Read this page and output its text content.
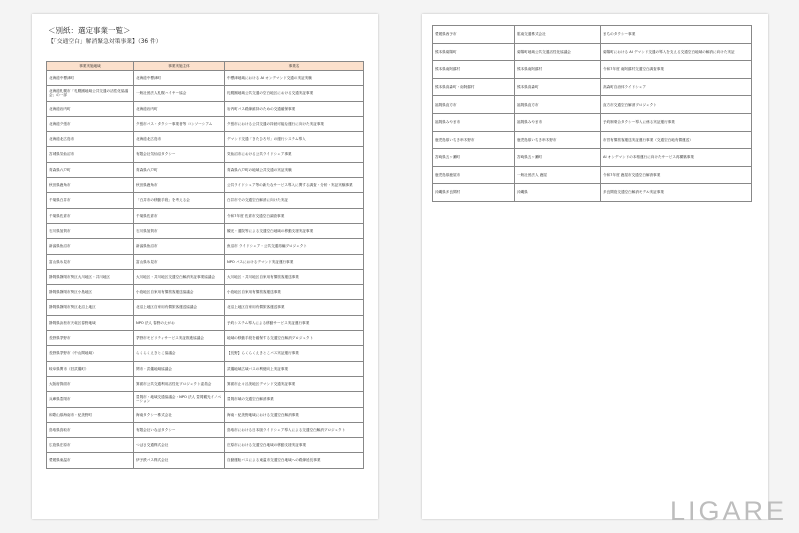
＜別紙：選定事業一覧＞
【「交通空白」解消緊急対策事業】（36 件）
事業実施地域	事業実施主体	事業名
北海道中標津町	北海道中標津町	中標津地域における AI オンデマンド交通の実証実験
北海道札幌市「札幌圏地域公共交通の活性化協議会」の一部	一般社団法人札幌ハイヤー協会	札幌圏地域公共交通の空白地区における交通実証事業
北海道岩内町	北海道岩内町	岩内町バス路線維持のための交通確保事業
北海道夕張市	夕張市バス・タクシー事業者等 コンソーシアム	夕張市における公共交通の持続可能な運行に向けた実証事業
北海道北広島市	北海道北広島市	デマンド交通「きたひろ号」の運行システム導入
宮城県気仙沼市	有限会社気仙沼タクシー	気仙沼市における公共ライドシェア事業
青森県六戸町	青森県六戸町	青森県六戸町の地域公共交通の実証実験
秋田県鹿角市	秋田県鹿角市	公共ライドシェア等の新たなサービス導入に関する調査・分析・実証実験事業
千葉県白井市	「白井市の移動手段」を考える会	白井市での交通空白解消に向けた実証
千葉県佐倉市	千葉県佐倉市	令和7年度 佐倉市交通空白調査事業
石川県加賀市	石川県加賀市	観光・通院等による交通空白地域の移動支援実証事業
新潟県魚沼市	新潟県魚沼市	魚沼市 ライドシェア・公共交通再編プロジェクト
富山県氷見市	富山県氷見市	NPO バスにおけるデマンド実証運行事業
静岡県静岡市葵区大川地区・井川地区	大川地区・井川地区交通空白解消実証事業協議会	大川地区・井川地区自家用有償旅客運送事業
静岡県静岡市葵区小島地区	小島地区自家用有償旅客運送協議会	小島地区自家用有償旅客運送事業
静岡県静岡市葵区北沼上地区	北沼上地区自家用有償旅客運送協議会	北沼上地区自家用有償旅客運送事業
静岡県浜松市天竜区春野地域	NPO 法人 春野のえがお	予約システム導入による移動サービス実証運行事業
長野県茅野市	茅野市モビリティサービス実証推進協議会	地域の移動手段を確保する交通空白解消プロジェクト
長野県茅野市（中山間地域）	らくらくえきとこ協議会	【長野】らくらくえきとこバス実証運行事業
岐阜県関市（旧武儀町）	関市・武儀地域協議会	武儀地域広域バスの利便向上実証事業
大阪府箕面市	箕面市公共交通利用活性化プロジェクト委員会	箕面市止々呂美地区デマンド交通実証事業
兵庫県豊岡市	豊岡市・地域交通協議会・NPO 法人 豊岡観光イノベーション	豊岡市域の交通空白解消事業
和歌山県海南市・紀美野町	海南タクシー株式会社	海南・紀美野地域における交通空白解消事業
鳥取県鳥取市	有限会社いなばタクシー	鳥取市における日本版ライドシェア導入による交通空白解消プロジェクト
広島県庄原市	つばさ交通株式会社	庄原市における交通空白地域の移動支援実証事業
愛媛県東温市	伊予鉄バス株式会社	自動運転バスによる東温市交通空白地域への路線延長事業
愛媛県西予市	肱南交通株式会社	まちのタクシー事業
熊本県菊陽町	菊陽町地域公共交通活性化協議会	菊陽町における AI デマンド交通の導入を支える交通空白地域の解消に向けた実証
熊本県南阿蘇村	熊本県南阿蘇村	令和7年度 南阿蘇村交通空白調査事業
熊本県高森町・南阿蘇村	熊本県高森町	高森町自治体ライドシェア
福岡県直方市	福岡県直方市	直方市交通空白解消プロジェクト
福岡県みやま市	福岡県みやま市	予約制乗合タクシー導入に係る実証運行事業
鹿児島県いちき串木野市	鹿児島県いちき串木野市	市営有償旅客運送実証運行事業（交通空白地有償運送）
宮崎県五ヶ瀬町	宮崎県五ヶ瀬町	AI オンデマンドの本格運行に向けたサービス再構築事業
鹿児島県鹿屋市	一般社団法人 鹿屋	令和7年度 鹿屋市交通空白解消事業
沖縄県多良間村	沖縄県	多良間島交通空白解消モデル実証事業
LIGARE
